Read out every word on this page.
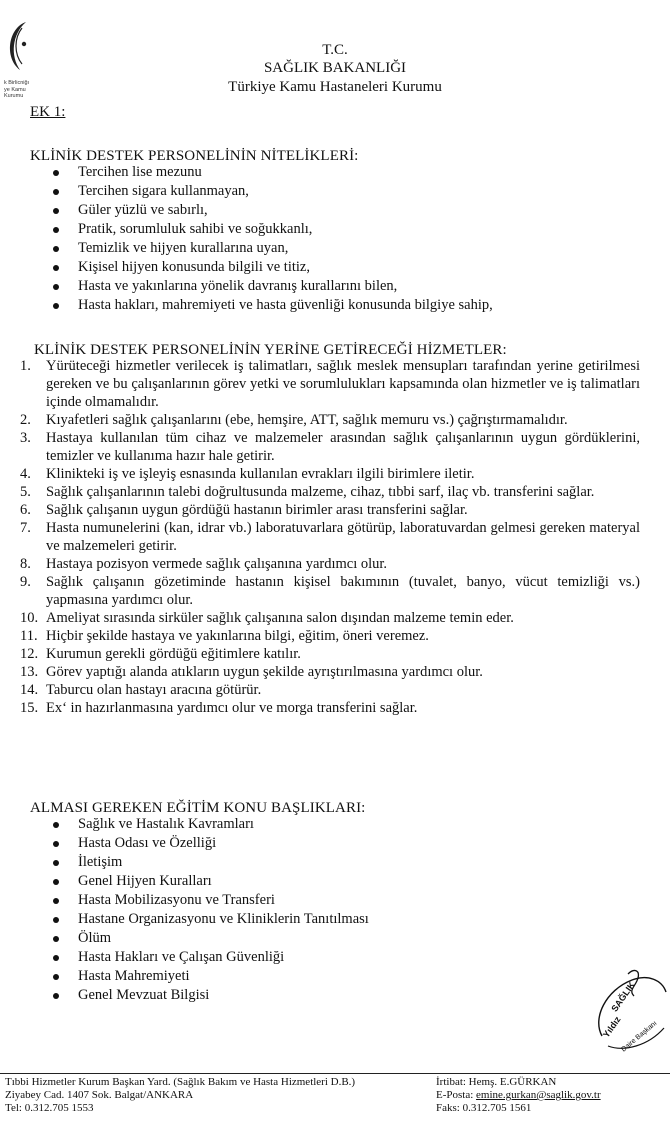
k Birlicniğı
ye Kamu
Kurumu
T.C.
SAĞLIK BAKANLIĞI
Türkiye Kamu Hastaneleri Kurumu
EK 1:
KLİNİK DESTEK PERSONELİNİN NİTELİKLERİ:
Tercihen lise mezunu
Tercihen sigara kullanmayan,
Güler yüzlü ve sabırlı,
Pratik, sorumluluk sahibi ve soğukkanlı,
Temizlik ve hijyen kurallarına uyan,
Kişisel hijyen konusunda bilgili ve titiz,
Hasta ve yakınlarına yönelik davranış kurallarını bilen,
Hasta hakları, mahremiyeti ve hasta güvenliği konusunda bilgiye sahip,
KLİNİK DESTEK PERSONELİNİN YERİNE GETİRECEĞİ HİZMETLER:
1. Yürüteceği hizmetler verilecek iş talimatları, sağlık meslek mensupları tarafından yerine getirilmesi gereken ve bu çalışanlarının görev yetki ve sorumlulukları kapsamında olan hizmetler ve iş talimatları içinde olmamalıdır.
2. Kıyafetleri sağlık çalışanlarını (ebe, hemşire, ATT, sağlık memuru vs.) çağrıştırmamalıdır.
3. Hastaya kullanılan tüm cihaz ve malzemeler arasından sağlık çalışanlarının uygun gördüklerini, temizler ve kullanıma hazır hale getirir.
4. Klinikteki iş ve işleyiş esnasında kullanılan evrakları ilgili birimlere iletir.
5. Sağlık çalışanlarının talebi doğrultusunda malzeme, cihaz, tıbbi sarf, ilaç vb. transferini sağlar.
6. Sağlık çalışanın uygun gördüğü hastanın birimler arası transferini sağlar.
7. Hasta numunelerini (kan, idrar vb.) laboratuvarlara götürüp, laboratuvardan gelmesi gereken materyal ve malzemeleri getirir.
8. Hastaya pozisyon vermede sağlık çalışanına yardımcı olur.
9. Sağlık çalışanın gözetiminde hastanın kişisel bakımının (tuvalet, banyo, vücut temizliği vs.) yapmasına yardımcı olur.
10. Ameliyat sırasında sirküler sağlık çalışanına salon dışından malzeme temin eder.
11. Hiçbir şekilde hastaya ve yakınlarına bilgi, eğitim, öneri veremez.
12. Kurumun gerekli gördüğü eğitimlere katılır.
13. Görev yaptığı alanda atıkların uygun şekilde ayrıştırılmasına yardımcı olur.
14. Taburcu olan hastayı aracına götürür.
15. Ex‘ in hazırlanmasına yardımcı olur ve morga transferini sağlar.
ALMASI GEREKEN EĞİTİM KONU BAŞLIKLARI:
Sağlık ve Hastalık Kavramları
Hasta Odası ve Özelliği
İletişim
Genel Hijyen Kuralları
Hasta Mobilizasyonu ve Transferi
Hastane Organizasyonu ve Kliniklerin Tanıtılması
Ölüm
Hasta Hakları ve Çalışan Güvenliği
Hasta Mahremiyeti
Genel Mevzuat Bilgisi
Yıldız
SAĞLIK
Daire Başkanı
Tıbbi Hizmetler Kurum Başkan Yard. (Sağlık Bakım ve Hasta Hizmetleri D.B.)
Ziyabey Cad. 1407 Sok. Balgat/ANKARA
Tel: 0.312.705 1553
İrtibat: Hemş. E.GÜRKAN
E-Posta: emine.gurkan@saglik.gov.tr
Faks: 0.312.705 1561
